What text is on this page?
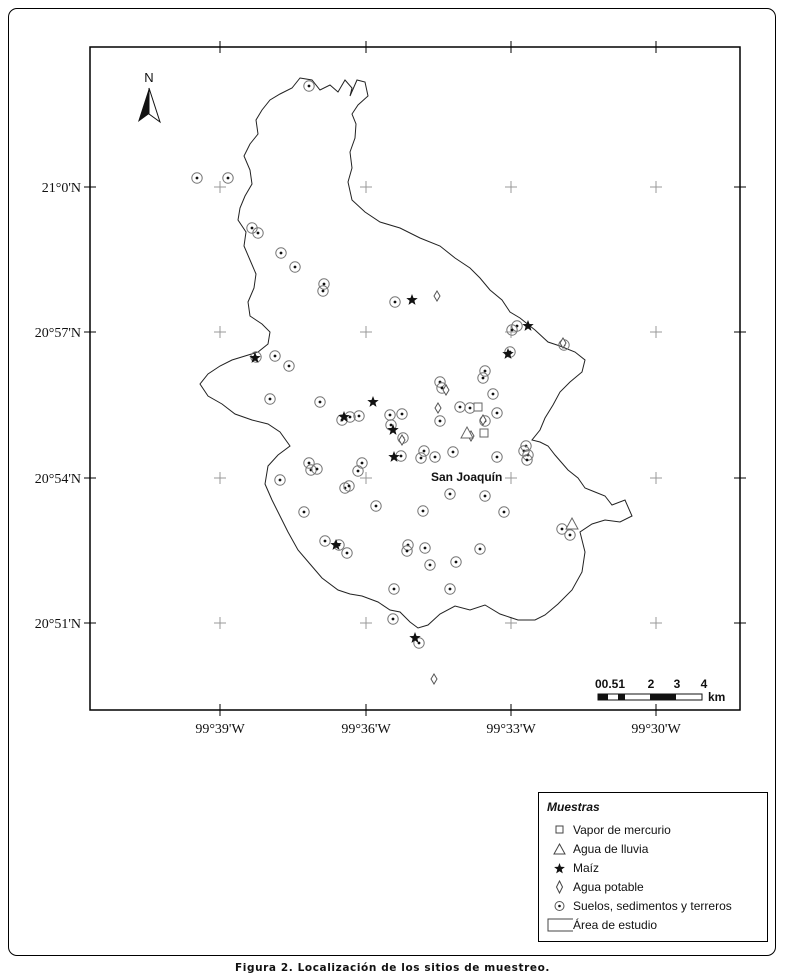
21°0'N
20°57'N
20°54'N
20°51'N
99°39'W	99°36'W	99°33'W	99°30'W
N
San Joaquín
00.51 2 3 4
km
Muestras
Vapor de mercurio
Agua de lluvia
Maíz
Agua potable
Suelos, sedimentos y terreros
Área de estudio
Figura 2. Localización de los sitios de muestreo.
